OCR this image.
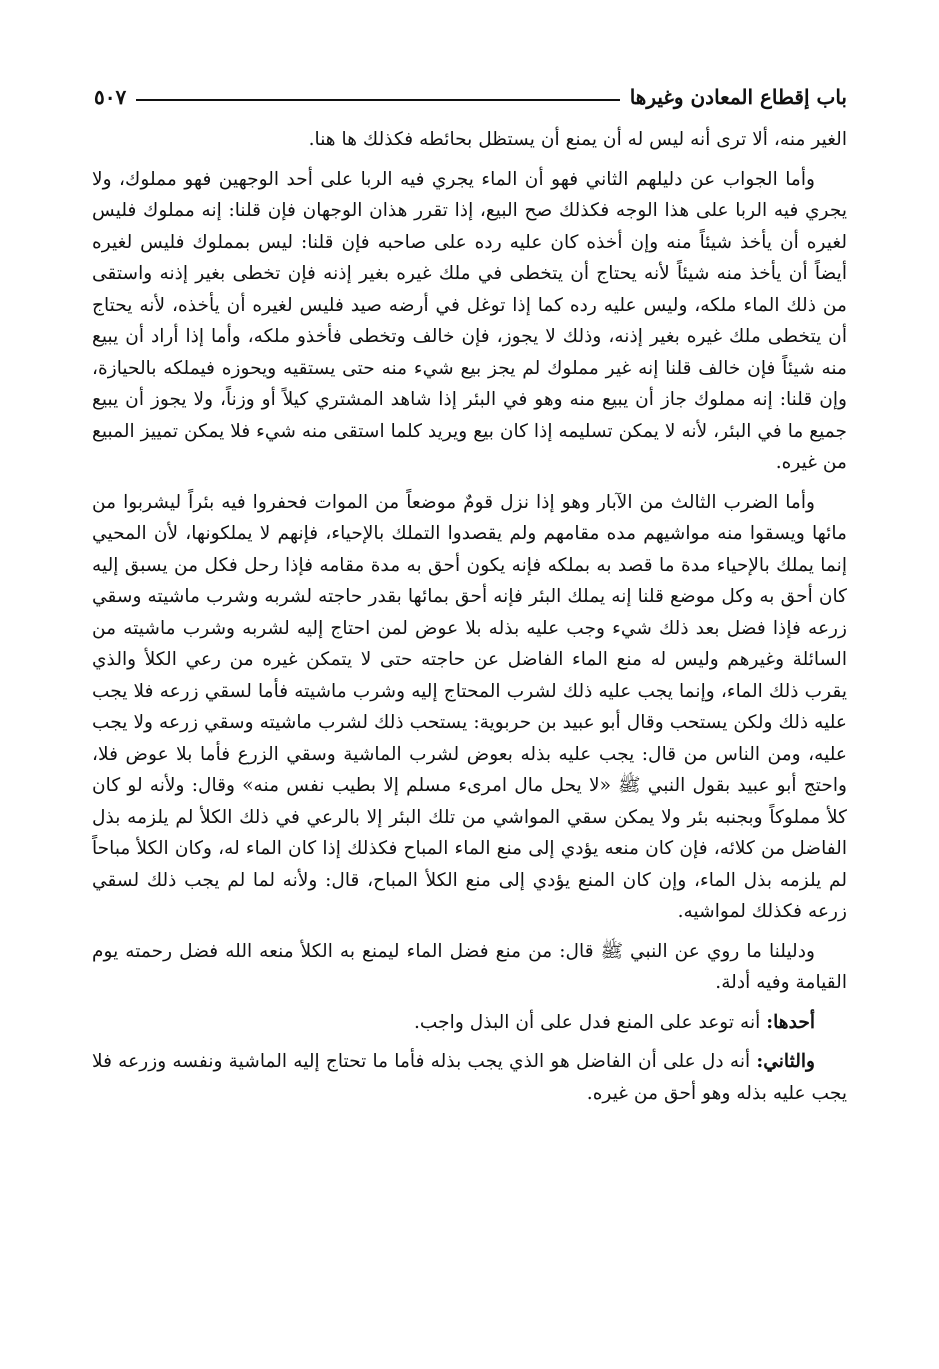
باب إقطاع المعادن وغيرها
٥٠٧

الغير منه، ألا ترى أنه ليس له أن يمنع أن يستظل بحائطه فكذلك ها هنا.

وأما الجواب عن دليلهم الثاني فهو أن الماء يجري فيه الربا على أحد الوجهين فهو مملوك، ولا يجري فيه الربا على هذا الوجه فكذلك صح البيع، إذا تقرر هذان الوجهان فإن قلنا: إنه مملوك فليس لغيره أن يأخذ شيئاً منه وإن أخذه كان عليه رده على صاحبه فإن قلنا: ليس بمملوك فليس لغيره أيضاً أن يأخذ منه شيئاً لأنه يحتاج أن يتخطى في ملك غيره بغير إذنه فإن تخطى بغير إذنه واستقى من ذلك الماء ملكه، وليس عليه رده كما إذا توغل في أرضه صيد فليس لغيره أن يأخذه، لأنه يحتاج أن يتخطى ملك غيره بغير إذنه، وذلك لا يجوز، فإن خالف وتخطى فأخذو ملكه، وأما إذا أراد أن يبيع منه شيئاً فإن خالف قلنا إنه غير مملوك لم يجز بيع شيء منه حتى يستقيه ويحوزه فيملكه بالحيازة، وإن قلنا: إنه مملوك جاز أن يبيع منه وهو في البئر إذا شاهد المشتري كيلاً أو وزناً، ولا يجوز أن يبيع جميع ما في البئر، لأنه لا يمكن تسليمه إذا كان بيع ويريد كلما استقى منه شيء فلا يمكن تمييز المبيع من غيره.

وأما الضرب الثالث من الآبار وهو إذا نزل قومٌ موضعاً من الموات فحفروا فيه بئراً ليشربوا من مائها ويسقوا منه مواشيهم مده مقامهم ولم يقصدوا التملك بالإحياء، فإنهم لا يملكونها، لأن المحيي إنما يملك بالإحياء مدة ما قصد به بملكه فإنه يكون أحق به مدة مقامه فإذا رحل فكل من يسبق إليه كان أحق به وكل موضع قلنا إنه يملك البئر فإنه أحق بمائها بقدر حاجته لشربه وشرب ماشيته وسقي زرعه فإذا فضل بعد ذلك شيء وجب عليه بذله بلا عوض لمن احتاج إليه لشربه وشرب ماشيته من السائلة وغيرهم وليس له منع الماء الفاضل عن حاجته حتى لا يتمكن غيره من رعي الكلأ والذي يقرب ذلك الماء، وإنما يجب عليه ذلك لشرب المحتاج إليه وشرب ماشيته فأما لسقي زرعه فلا يجب عليه ذلك ولكن يستحب وقال أبو عبيد بن حربوية: يستحب ذلك لشرب ماشيته وسقي زرعه ولا يجب عليه، ومن الناس من قال: يجب عليه بذله بعوض لشرب الماشية وسقي الزرع فأما بلا عوض فلا، واحتج أبو عبيد بقول النبي ﷺ «لا يحل مال امرىء مسلم إلا بطيب نفس منه» وقال: ولأنه لو كان كلأ مملوكاً وبجنبه بئر ولا يمكن سقي المواشي من تلك البئر إلا بالرعي في ذلك الكلأ لم يلزمه بذل الفاضل من كلائه، فإن كان منعه يؤدي إلى منع الماء المباح فكذلك إذا كان الماء له، وكان الكلأ مباحاً لم يلزمه بذل الماء، وإن كان المنع يؤدي إلى منع الكلأ المباح، قال: ولأنه لما لم يجب ذلك لسقي زرعه فكذلك لمواشيه.

ودليلنا ما روي عن النبي ﷺ قال: من منع فضل الماء ليمنع به الكلأ منعه الله فضل رحمته يوم القيامة وفيه أدلة.

أحدها: أنه توعد على المنع فدل على أن البذل واجب.

والثاني: أنه دل على أن الفاضل هو الذي يجب بذله فأما ما تحتاج إليه الماشية ونفسه وزرعه فلا يجب عليه بذله وهو أحق من غيره.
